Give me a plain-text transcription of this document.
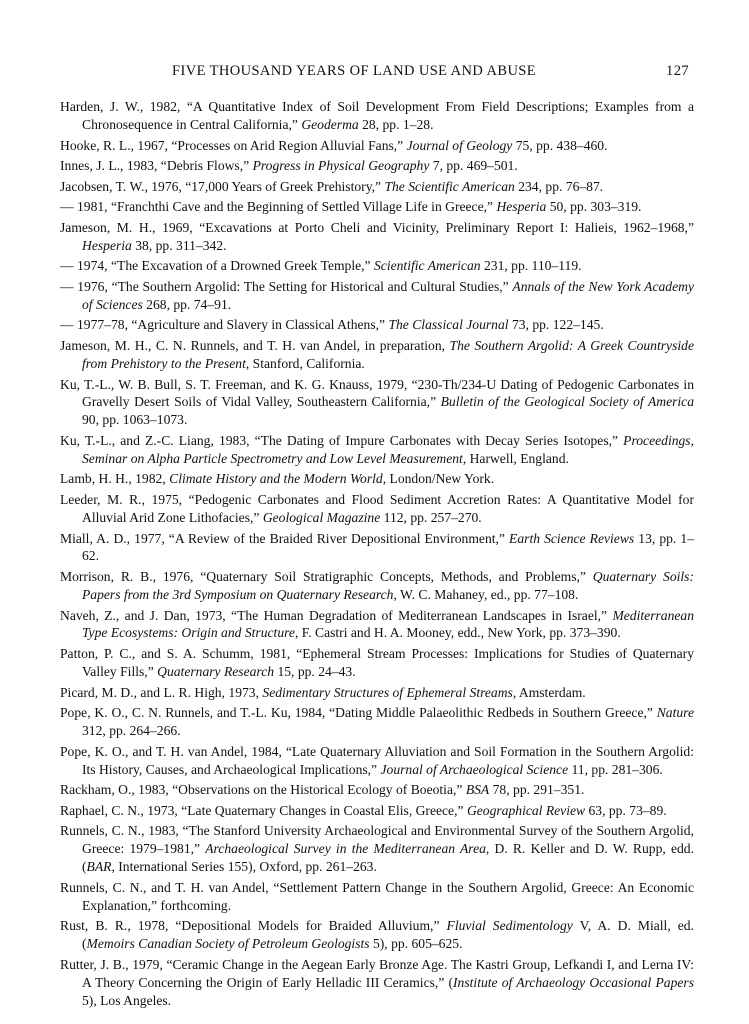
FIVE THOUSAND YEARS OF LAND USE AND ABUSE	127

Harden, J. W., 1982, “A Quantitative Index of Soil Development From Field Descriptions; Examples from a Chronosequence in Central California,” Geoderma 28, pp. 1–28.

Hooke, R. L., 1967, “Processes on Arid Region Alluvial Fans,” Journal of Geology 75, pp. 438–460.

Innes, J. L., 1983, “Debris Flows,” Progress in Physical Geography 7, pp. 469–501.

Jacobsen, T. W., 1976, “17,000 Years of Greek Prehistory,” The Scientific American 234, pp. 76–87.

— 1981, “Franchthi Cave and the Beginning of Settled Village Life in Greece,” Hesperia 50, pp. 303–319.

Jameson, M. H., 1969, “Excavations at Porto Cheli and Vicinity, Preliminary Report I: Halieis, 1962–1968,” Hesperia 38, pp. 311–342.

— 1974, “The Excavation of a Drowned Greek Temple,” Scientific American 231, pp. 110–119.

— 1976, “The Southern Argolid: The Setting for Historical and Cultural Studies,” Annals of the New York Academy of Sciences 268, pp. 74–91.

— 1977–78, “Agriculture and Slavery in Classical Athens,” The Classical Journal 73, pp. 122–145.

Jameson, M. H., C. N. Runnels, and T. H. van Andel, in preparation, The Southern Argolid: A Greek Countryside from Prehistory to the Present, Stanford, California.

Ku, T.-L., W. B. Bull, S. T. Freeman, and K. G. Knauss, 1979, “230-Th/234-U Dating of Pedogenic Carbonates in Gravelly Desert Soils of Vidal Valley, Southeastern California,” Bulletin of the Geological Society of America 90, pp. 1063–1073.

Ku, T.-L., and Z.-C. Liang, 1983, “The Dating of Impure Carbonates with Decay Series Isotopes,” Proceedings, Seminar on Alpha Particle Spectrometry and Low Level Measurement, Harwell, England.

Lamb, H. H., 1982, Climate History and the Modern World, London/New York.

Leeder, M. R., 1975, “Pedogenic Carbonates and Flood Sediment Accretion Rates: A Quantitative Model for Alluvial Arid Zone Lithofacies,” Geological Magazine 112, pp. 257–270.

Miall, A. D., 1977, “A Review of the Braided River Depositional Environment,” Earth Science Reviews 13, pp. 1–62.

Morrison, R. B., 1976, “Quaternary Soil Stratigraphic Concepts, Methods, and Problems,” Quaternary Soils: Papers from the 3rd Symposium on Quaternary Research, W. C. Mahaney, ed., pp. 77–108.

Naveh, Z., and J. Dan, 1973, “The Human Degradation of Mediterranean Landscapes in Israel,” Mediterranean Type Ecosystems: Origin and Structure, F. Castri and H. A. Mooney, edd., New York, pp. 373–390.

Patton, P. C., and S. A. Schumm, 1981, “Ephemeral Stream Processes: Implications for Studies of Quaternary Valley Fills,” Quaternary Research 15, pp. 24–43.

Picard, M. D., and L. R. High, 1973, Sedimentary Structures of Ephemeral Streams, Amsterdam.

Pope, K. O., C. N. Runnels, and T.-L. Ku, 1984, “Dating Middle Palaeolithic Redbeds in Southern Greece,” Nature 312, pp. 264–266.

Pope, K. O., and T. H. van Andel, 1984, “Late Quaternary Alluviation and Soil Formation in the Southern Argolid: Its History, Causes, and Archaeological Implications,” Journal of Archaeological Science 11, pp. 281–306.

Rackham, O., 1983, “Observations on the Historical Ecology of Boeotia,” BSA 78, pp. 291–351.

Raphael, C. N., 1973, “Late Quaternary Changes in Coastal Elis, Greece,” Geographical Review 63, pp. 73–89.

Runnels, C. N., 1983, “The Stanford University Archaeological and Environmental Survey of the Southern Argolid, Greece: 1979–1981,” Archaeological Survey in the Mediterranean Area, D. R. Keller and D. W. Rupp, edd. (BAR, International Series 155), Oxford, pp. 261–263.

Runnels, C. N., and T. H. van Andel, “Settlement Pattern Change in the Southern Argolid, Greece: An Economic Explanation,” forthcoming.

Rust, B. R., 1978, “Depositional Models for Braided Alluvium,” Fluvial Sedimentology V, A. D. Miall, ed. (Memoirs Canadian Society of Petroleum Geologists 5), pp. 605–625.

Rutter, J. B., 1979, “Ceramic Change in the Aegean Early Bronze Age. The Kastri Group, Lefkandi I, and Lerna IV: A Theory Concerning the Origin of Early Helladic III Ceramics,” (Institute of Archaeology Occasional Papers 5), Los Angeles.
